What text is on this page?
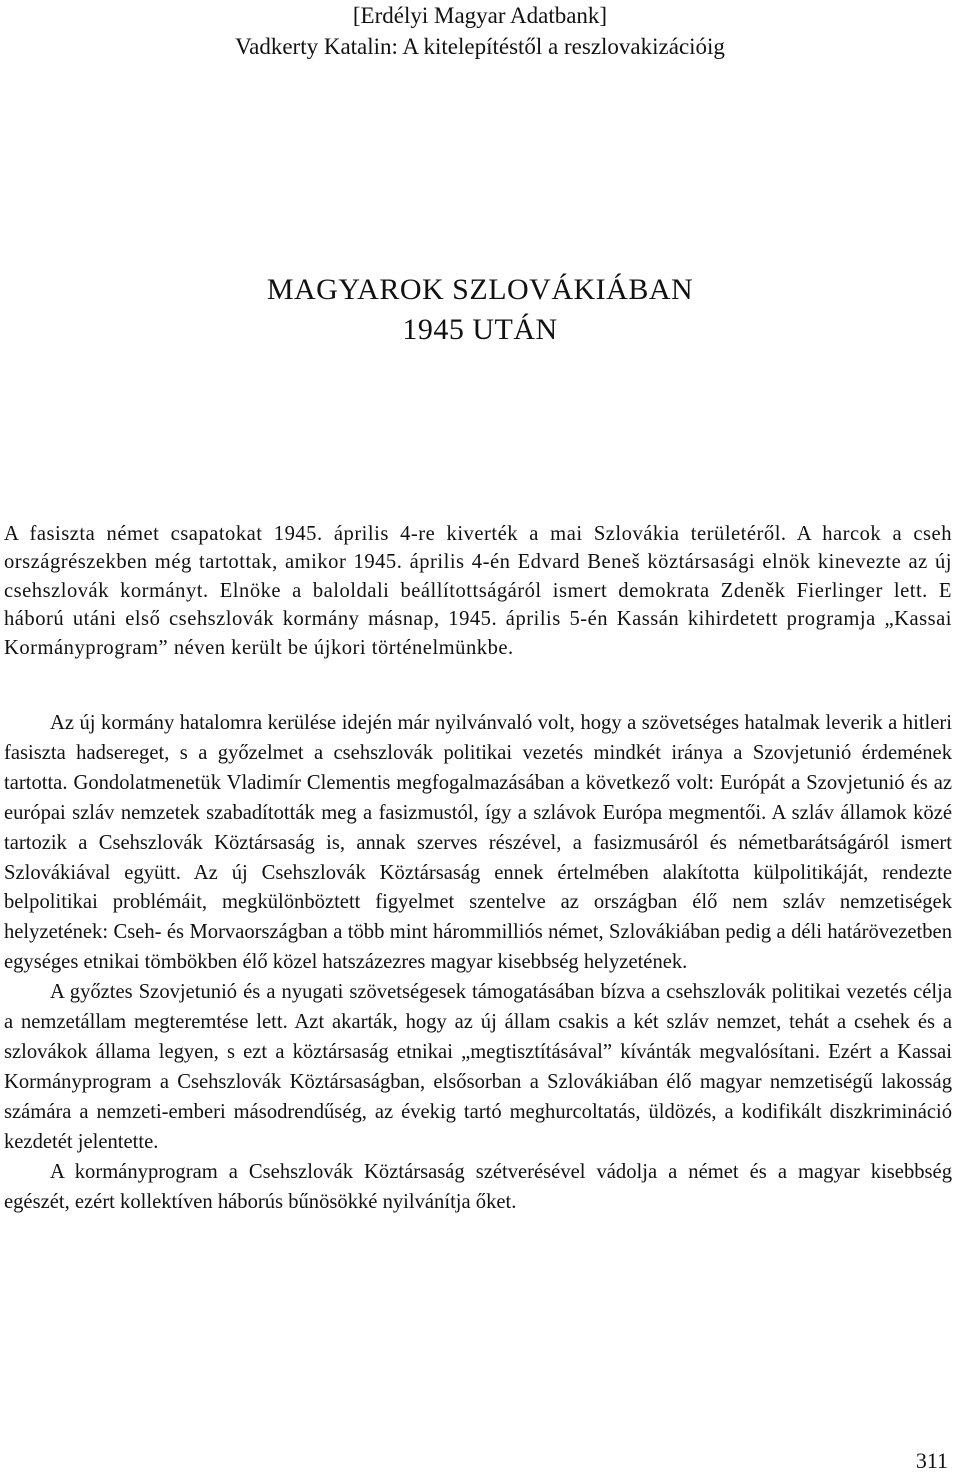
[Erdélyi Magyar Adatbank]
Vadkerty Katalin: A kitelepítéstől a reszlovakizációig
MAGYAROK SZLOVÁKIÁBAN
1945 UTÁN
A fasiszta német csapatokat 1945. április 4-re kiverték a mai Szlovákia területéről. A harcok a cseh országrészekben még tartottak, amikor 1945. április 4-én Edvard Beneš köztársasági elnök kinevezte az új csehszlovák kormányt. Elnöke a baloldali beállítottságáról ismert demokrata Zdeněk Fierlinger lett. E háború utáni első csehszlovák kormány másnap, 1945. április 5-én Kassán kihirdetett programja „Kassai Kormányprogram” néven került be újkori történelmünkbe.

Az új kormány hatalomra kerülése idején már nyilvánvaló volt, hogy a szövetséges hatalmak leverik a hitleri fasiszta hadsereget, s a győzelmet a csehszlovák politikai vezetés mindkét iránya a Szovjetunió érdemének tartotta. Gondolatmenetük Vladimír Clementis megfogalmazásában a következő volt: Európát a Szovjetunió és az európai szláv nemzetek szabadították meg a fasizmustól, így a szlávok Európa megmentői. A szláv államok közé tartozik a Csehszlovák Köztársaság is, annak szerves részével, a fasizmusáról és németbarátságáról ismert Szlovákiával együtt. Az új Csehszlovák Köztársaság ennek értelmében alakította külpolitikáját, rendezte belpolitikai problémáit, megkülönböztett figyelmet szentelve az országban élő nem szláv nemzetiségek helyzetének: Cseh- és Morvaországban a több mint hárommilliós német, Szlovákiában pedig a déli határövezetben egységes etnikai tömbökben élő közel hatszázezres magyar kisebbség helyzetének.

A győztes Szovjetunió és a nyugati szövetségesek támogatásában bízva a csehszlovák politikai vezetés célja a nemzetállam megteremtése lett. Azt akarták, hogy az új állam csakis a két szláv nemzet, tehát a csehek és a szlovákok államа legyen, s ezt a köztársaság etnikai „megtisztításával” kívánták megvalósítani. Ezért a Kassai Kormányprogram a Csehszlovák Köztársaságban, elsősorban a Szlovákiában élő magyar nemzetiségű lakosság számára a nemzeti-emberi másodrendűség, az évekig tartó meghurcoltatás, üldözés, a kodifikált diszkrimináció kezdetét jelentette.

A kormányprogram a Csehszlovák Köztársaság szétverésével vádolja a német és a magyar kisebbség egészét, ezért kollektíven háborús bűnösökké nyilvánítja őket.

311
